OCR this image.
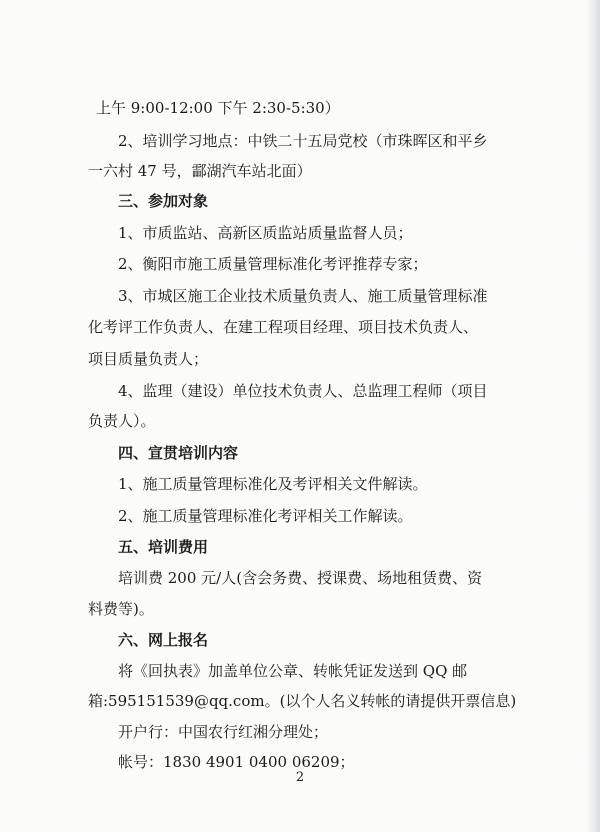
上午 9:00-12:00 下午 2:30-5:30）
2、培训学习地点：中铁二十五局党校（市珠晖区和平乡
一六村 47 号，酃湖汽车站北面）
三、参加对象
1、市质监站、高新区质监站质量监督人员；
2、衡阳市施工质量管理标准化考评推荐专家；
3、市城区施工企业技术质量负责人、施工质量管理标准
化考评工作负责人、在建工程项目经理、项目技术负责人、
项目质量负责人；
4、监理（建设）单位技术负责人、总监理工程师（项目
负责人）。
四、宣贯培训内容
1、施工质量管理标准化及考评相关文件解读。
2、施工质量管理标准化考评相关工作解读。
五、培训费用
培训费 200 元/人(含会务费、授课费、场地租赁费、资
料费等)。
六、网上报名
将《回执表》加盖单位公章、转帐凭证发送到 QQ 邮
箱:595151539@qq.com。(以个人名义转帐的请提供开票信息)
开户行：中国农行红湘分理处；
帐号：1830 4901 0400 06209；
2
